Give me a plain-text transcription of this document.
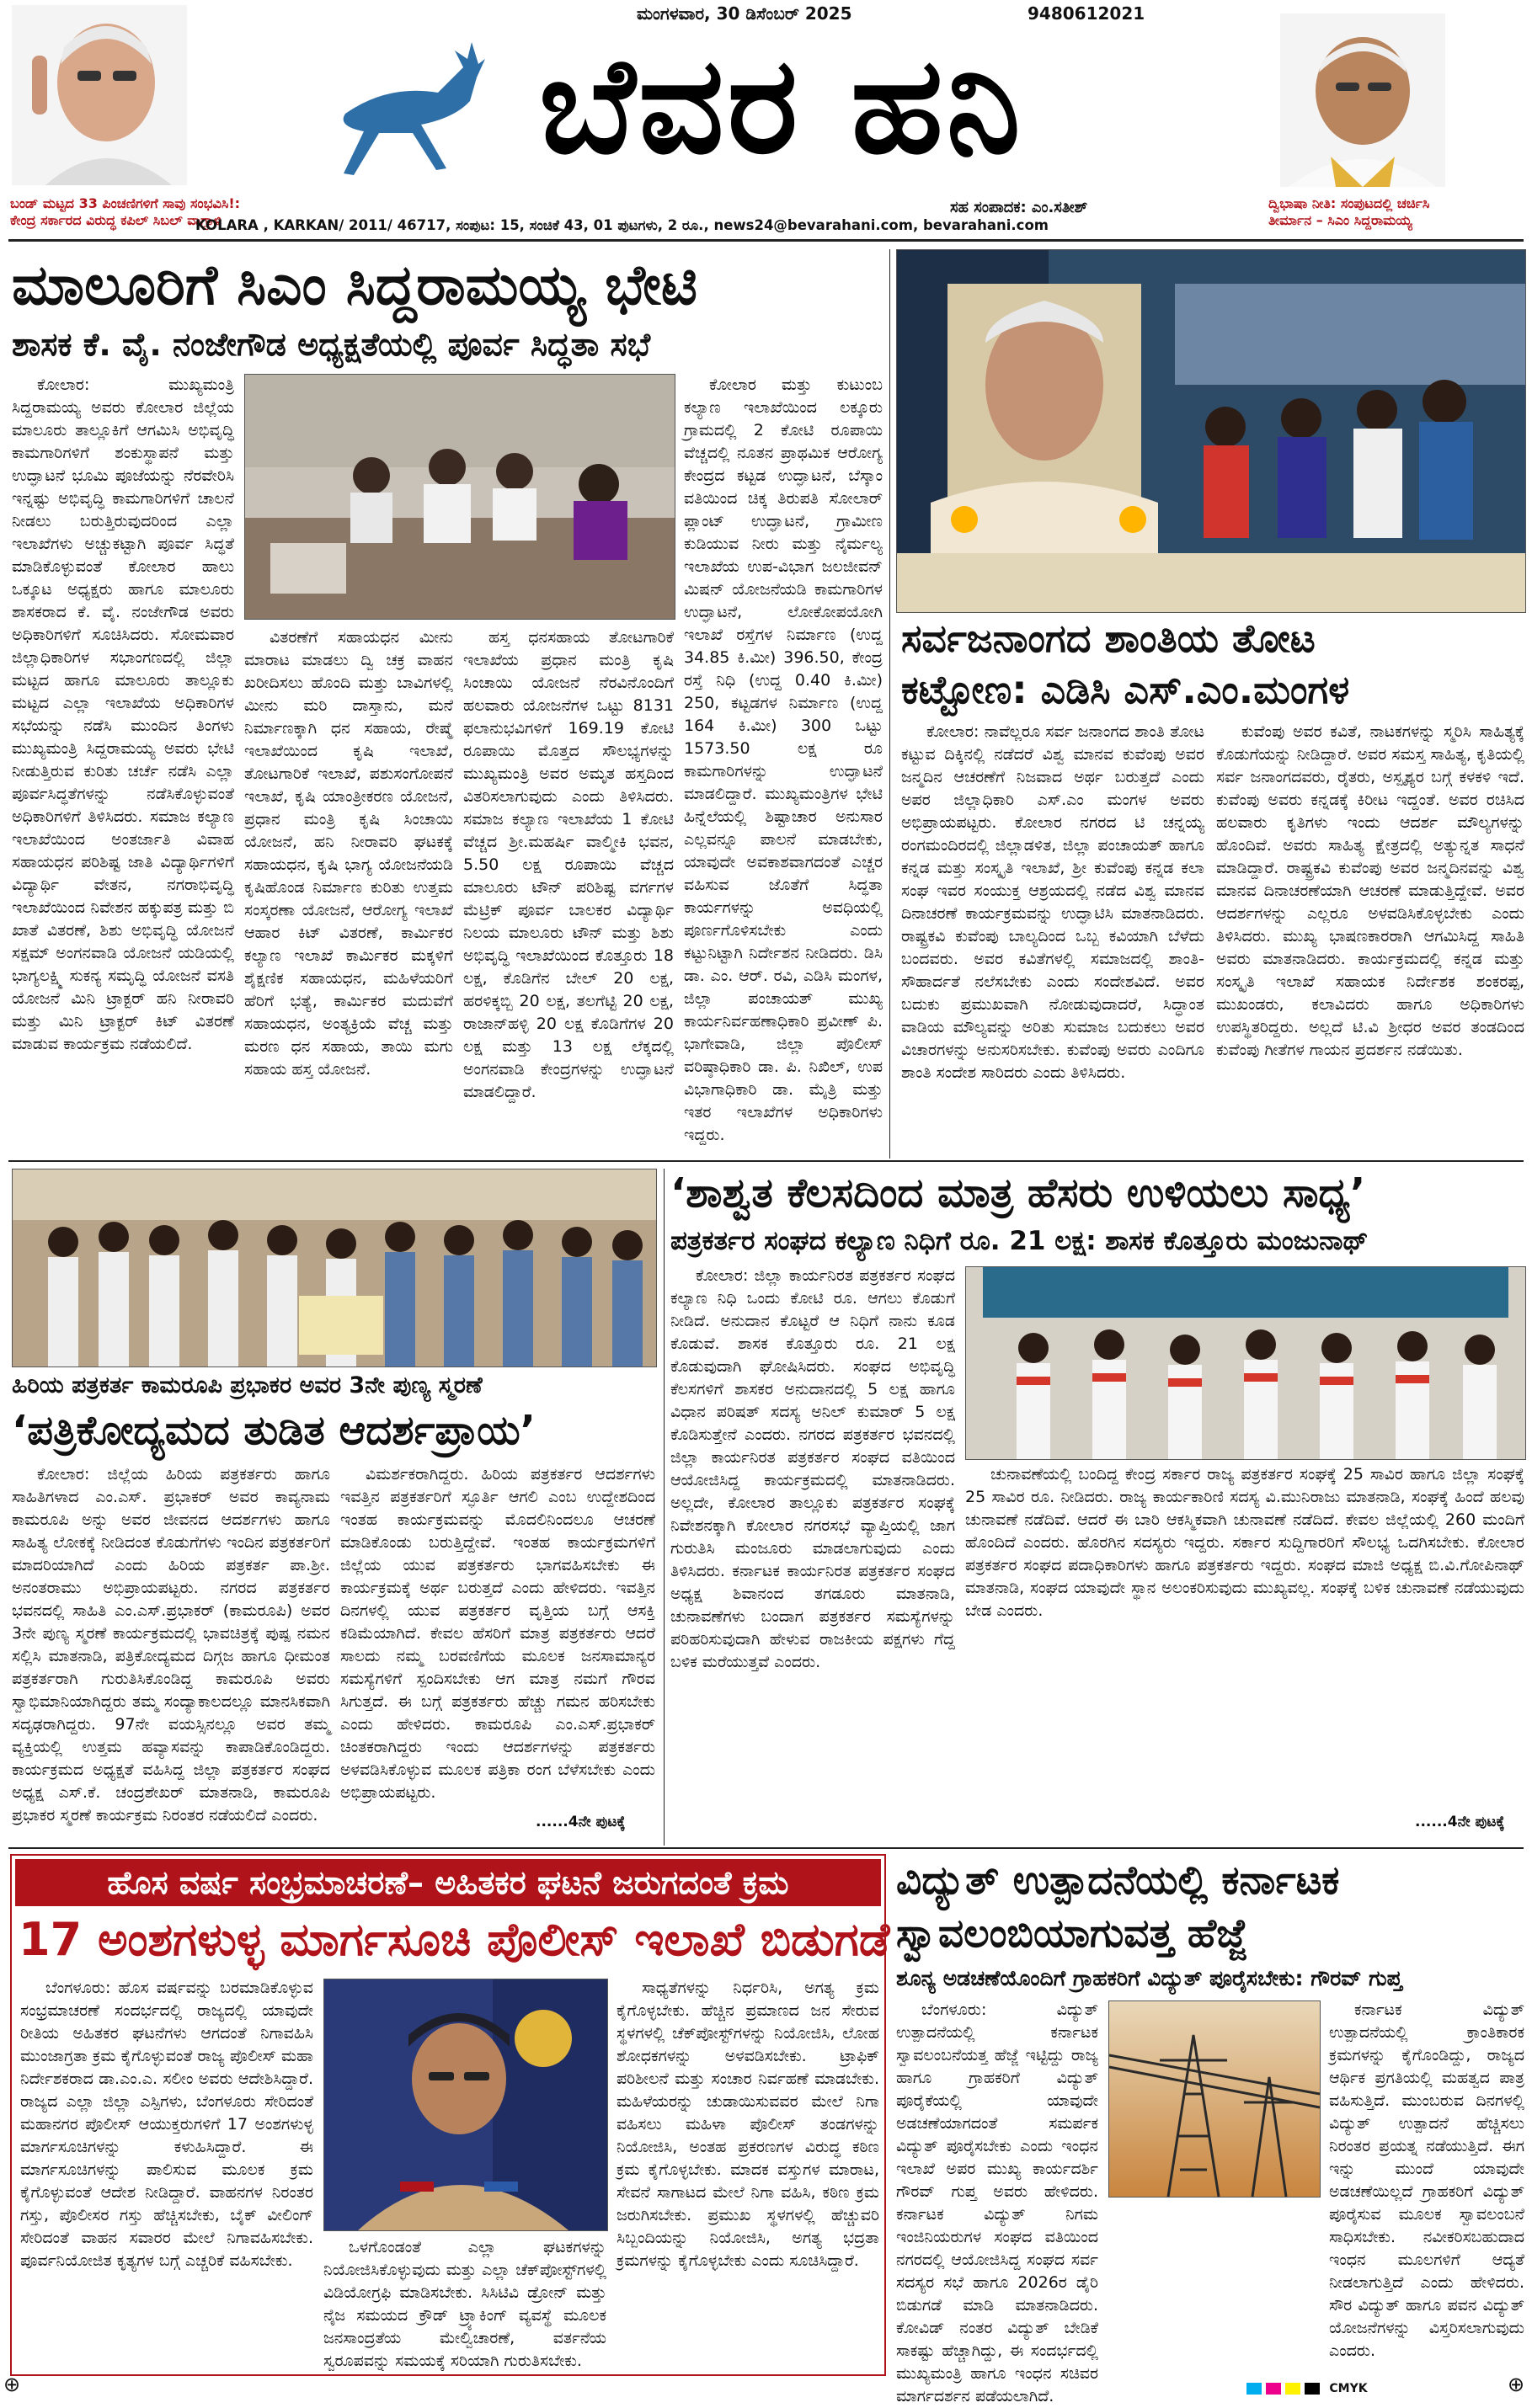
ಮಂಗಳವಾರ, 30 ಡಿಸೆಂಬರ್ 2025	9480612021
ಬೆವರ ಹನಿ
ಬಂಡ್ ಮಟ್ಟದ 33 ಪಿಂಚಣಿಗಳಿಗೆ ಸಾವು ಸಂಭವಿಸಿ!:
ಕೇಂದ್ರ ಸರ್ಕಾರದ ವಿರುದ್ಧ ಕಪಿಲ್ ಸಿಬಲ್ ವಾಗ್ದಾಳಿ
ಸಹ ಸಂಪಾದಕ: ಎಂ.ಸತೀಶ್
KOLARA , KARKAN/ 2011/ 46717, ಸಂಪುಟ: 15, ಸಂಚಿಕೆ 43, 01 ಪುಟಗಳು, 2 ರೂ., news24@bevarahani.com, bevarahani.com
ದ್ವಿಭಾಷಾ ನೀತಿ: ಸಂಪುಟದಲ್ಲಿ ಚರ್ಚಿಸಿ
ತೀರ್ಮಾನ – ಸಿಎಂ ಸಿದ್ದರಾಮಯ್ಯ
ಮಾಲೂರಿಗೆ ಸಿಎಂ ಸಿದ್ದರಾಮಯ್ಯ ಭೇಟಿ
ಶಾಸಕ ಕೆ. ವೈ. ನಂಜೇಗೌಡ ಅಧ್ಯಕ್ಷತೆಯಲ್ಲಿ ಪೂರ್ವ ಸಿದ್ಧತಾ ಸಭೆ

ಕೋಲಾರ: ಮುಖ್ಯಮಂತ್ರಿ ಸಿದ್ದರಾಮಯ್ಯ ಅವರು ಕೋಲಾರ ಜಿಲ್ಲೆಯ ಮಾಲೂರು ತಾಲ್ಲೂಕಿಗೆ ಆಗಮಿಸಿ ಅಭಿವೃದ್ಧಿ ಕಾಮಗಾರಿಗಳಿಗೆ ಶಂಕುಸ್ಥಾಪನೆ ಮತ್ತು ಉದ್ಘಾಟನೆ ಭೂಮಿ ಪೂಜೆಯನ್ನು ನೆರವೇರಿಸಿ ಇನ್ನಷ್ಟು ಅಭಿವೃದ್ಧಿ ಕಾಮಗಾರಿಗಳಿಗೆ ಚಾಲನೆ ನೀಡಲು ಬರುತ್ತಿರುವುದರಿಂದ ಎಲ್ಲಾ ಇಲಾಖೆಗಳು ಅಚ್ಚುಕಟ್ಟಾಗಿ ಪೂರ್ವ ಸಿದ್ಧತೆ ಮಾಡಿಕೊಳ್ಳುವಂತೆ ಕೋಲಾರ ಹಾಲು ಒಕ್ಕೂಟ ಅಧ್ಯಕ್ಷರು ಹಾಗೂ ಮಾಲೂರು ಶಾಸಕರಾದ ಕೆ. ವೈ. ನಂಜೇಗೌಡ ಅವರು ಅಧಿಕಾರಿಗಳಿಗೆ ಸೂಚಿಸಿದರು. ಸೋಮವಾರ ಜಿಲ್ಲಾಧಿಕಾರಿಗಳ ಸಭಾಂಗಣದಲ್ಲಿ ಜಿಲ್ಲಾ ಮಟ್ಟದ ಹಾಗೂ ಮಾಲೂರು ತಾಲ್ಲೂಕು ಮಟ್ಟದ ಎಲ್ಲಾ ಇಲಾಖೆಯ ಅಧಿಕಾರಿಗಳ ಸಭೆಯನ್ನು ನಡೆಸಿ ಮುಂದಿನ ತಿಂಗಳು ಮುಖ್ಯಮಂತ್ರಿ ಸಿದ್ದರಾಮಯ್ಯ ಅವರು ಭೇಟಿ ನೀಡುತ್ತಿರುವ ಕುರಿತು ಚರ್ಚೆ ನಡೆಸಿ ಎಲ್ಲಾ ಪೂರ್ವಸಿದ್ಧತೆಗಳನ್ನು ನಡೆಸಿಕೊಳ್ಳುವಂತೆ ಅಧಿಕಾರಿಗಳಿಗೆ ತಿಳಿಸಿದರು. ಸಮಾಜ ಕಲ್ಯಾಣ ಇಲಾಖೆಯಿಂದ ಅಂತರ್ಜಾತಿ ವಿವಾಹ ಸಹಾಯಧನ ಪರಿಶಿಷ್ಟ ಜಾತಿ ವಿದ್ಯಾರ್ಥಿಗಳಿಗೆ ವಿದ್ಯಾರ್ಥಿ ವೇತನ, ನಗರಾಭಿವೃದ್ಧಿ ಇಲಾಖೆಯಿಂದ ನಿವೇಶನ ಹಕ್ಕುಪತ್ರ ಮತ್ತು ಬಿ ಖಾತೆ ವಿತರಣೆ, ಶಿಶು ಅಭಿವೃದ್ಧಿ ಯೋಜನೆ ಸಕ್ಷಮ್ ಅಂಗನವಾಡಿ ಯೋಜನೆ ಯಡಿಯಲ್ಲಿ ಭಾಗ್ಯಲಕ್ಷ್ಮಿ ಸುಕನ್ಯ ಸಮೃದ್ಧಿ ಯೋಜನೆ ವಸತಿ ಯೋಜನೆ ಮಿನಿ ಟ್ರಾಕ್ಟರ್ ಹನಿ ನೀರಾವರಿ ಮತ್ತು ಮಿನಿ ಟ್ರಾಕ್ಟರ್ ಕಿಟ್ ವಿತರಣೆ ಮಾಡುವ ಕಾರ್ಯಕ್ರಮ ನಡೆಯಲಿದೆ.

ವಿತರಣೆಗೆ ಸಹಾಯಧನ ಮೀನು ಮಾರಾಟ ಮಾಡಲು ದ್ವಿ ಚಕ್ರ ವಾಹನ ಖರೀದಿಸಲು ಹೊಂದಿ ಮತ್ತು ಬಾವಿಗಳಲ್ಲಿ ಮೀನು ಮರಿ ದಾಸ್ತಾನು, ಮನೆ ನಿರ್ಮಾಣಕ್ಕಾಗಿ ಧನ ಸಹಾಯ, ರೇಷ್ಮೆ ಇಲಾಖೆಯಿಂದ ಕೃಷಿ ಇಲಾಖೆ, ತೋಟಗಾರಿಕೆ ಇಲಾಖೆ, ಪಶುಸಂಗೋಪನೆ ಇಲಾಖೆ, ಕೃಷಿ ಯಾಂತ್ರೀಕರಣ ಯೋಜನೆ, ಪ್ರಧಾನ ಮಂತ್ರಿ ಕೃಷಿ ಸಿಂಚಾಯಿ ಯೋಜನೆ, ಹನಿ ನೀರಾವರಿ ಘಟಕಕ್ಕೆ ಸಹಾಯಧನ, ಕೃಷಿ ಭಾಗ್ಯ ಯೋಜನೆಯಡಿ ಕೃಷಿಹೊಂಡ ನಿರ್ಮಾಣ ಕುರಿತು ಉತ್ತಮ ಸಂಸ್ಕರಣಾ ಯೋಜನೆ, ಆರೋಗ್ಯ ಇಲಾಖೆ ಆಹಾರ ಕಿಟ್ ವಿತರಣೆ, ಕಾರ್ಮಿಕರ ಕಲ್ಯಾಣ ಇಲಾಖೆ ಕಾರ್ಮಿಕರ ಮಕ್ಕಳಿಗೆ ಶೈಕ್ಷಣಿಕ ಸಹಾಯಧನ, ಮಹಿಳೆಯರಿಗೆ ಹೆರಿಗೆ ಭತ್ಯೆ, ಕಾರ್ಮಿಕರ ಮದುವೆಗೆ ಸಹಾಯಧನ, ಅಂತ್ಯಕ್ರಿಯೆ ವೆಚ್ಚ ಮತ್ತು ಮರಣ ಧನ ಸಹಾಯ, ತಾಯಿ ಮಗು ಸಹಾಯ ಹಸ್ತ ಯೋಜನೆ.

ಹಸ್ತ ಧನಸಹಾಯ ತೋಟಗಾರಿಕೆ ಇಲಾಖೆಯ ಪ್ರಧಾನ ಮಂತ್ರಿ ಕೃಷಿ ಸಿಂಚಾಯಿ ಯೋಜನೆ ನೆರವಿನೊಂದಿಗೆ ಹಲವಾರು ಯೋಜನೆಗಳ ಒಟ್ಟು 8131 ಫಲಾನುಭವಿಗಳಿಗೆ 169.19 ಕೋಟಿ ರೂಪಾಯಿ ಮೊತ್ತದ ಸೌಲಭ್ಯಗಳನ್ನು ಮುಖ್ಯಮಂತ್ರಿ ಅವರ ಅಮೃತ ಹಸ್ತದಿಂದ ವಿತರಿಸಲಾಗುವುದು ಎಂದು ತಿಳಿಸಿದರು. ಸಮಾಜ ಕಲ್ಯಾಣ ಇಲಾಖೆಯ 1 ಕೋಟಿ ವೆಚ್ಚದ ಶ್ರೀ.ಮಹರ್ಷಿ ವಾಲ್ಮೀಕಿ ಭವನ, 5.50 ಲಕ್ಷ ರೂಪಾಯಿ ವೆಚ್ಚದ ಮಾಲೂರು ಟೌನ್ ಪರಿಶಿಷ್ಟ ವರ್ಗಗಳ ಮೆಟ್ರಿಕ್ ಪೂರ್ವ ಬಾಲಕರ ವಿದ್ಯಾರ್ಥಿ ನಿಲಯ ಮಾಲೂರು ಟೌನ್ ಮತ್ತು ಶಿಶು ಅಭಿವೃದ್ಧಿ ಇಲಾಖೆಯಿಂದ ಕೊತ್ತೂರು 18 ಲಕ್ಷ, ಕೊಡಿಗೆನ ಬೇಲ್ 20 ಲಕ್ಷ, ಹರಳಿಕ್ಕಬ್ಬಿ 20 ಲಕ್ಷ, ತಲಗೆಟ್ಟಿ 20 ಲಕ್ಷ, ರಾಜಾನ್‌ಹಳ್ಳಿ 20 ಲಕ್ಷ ಕೊಡಿಗೆಗಳ 20 ಲಕ್ಷ ಮತ್ತು 13 ಲಕ್ಷ ಲೆಕ್ಕದಲ್ಲಿ ಅಂಗನವಾಡಿ ಕೇಂದ್ರಗಳನ್ನು ಉದ್ಘಾಟನೆ ಮಾಡಲಿದ್ದಾರೆ.

ಕೋಲಾರ ಮತ್ತು ಕುಟುಂಬ ಕಲ್ಯಾಣ ಇಲಾಖೆಯಿಂದ ಲಕ್ಕೂರು ಗ್ರಾಮದಲ್ಲಿ 2 ಕೋಟಿ ರೂಪಾಯಿ ವೆಚ್ಚದಲ್ಲಿ ನೂತನ ಪ್ರಾಥಮಿಕ ಆರೋಗ್ಯ ಕೇಂದ್ರದ ಕಟ್ಟಡ ಉದ್ಘಾಟನೆ, ಬೆಸ್ಕಾಂ ವತಿಯಿಂದ ಚಿಕ್ಕ ತಿರುಪತಿ ಸೋಲಾರ್ ಪ್ಲಾಂಟ್ ಉದ್ಘಾಟನೆ, ಗ್ರಾಮೀಣ ಕುಡಿಯುವ ನೀರು ಮತ್ತು ನೈರ್ಮಲ್ಯ ಇಲಾಖೆಯ ಉಪ-ವಿಭಾಗ ಜಲಜೀವನ್ ಮಿಷನ್ ಯೋಜನೆಯಡಿ ಕಾಮಗಾರಿಗಳ ಉದ್ಘಾಟನೆ, ಲೋಕೋಪಯೋಗಿ ಇಲಾಖೆ ರಸ್ತೆಗಳ ನಿರ್ಮಾಣ (ಉದ್ದ 34.85 ಕಿ.ಮೀ) 396.50, ಕೇಂದ್ರ ರಸ್ತೆ ನಿಧಿ (ಉದ್ದ 0.40 ಕಿ.ಮೀ) 250, ಕಟ್ಟಡಗಳ ನಿರ್ಮಾಣ (ಉದ್ದ 164 ಕಿ.ಮೀ) 300 ಒಟ್ಟು 1573.50 ಲಕ್ಷ ರೂ ಕಾಮಗಾರಿಗಳನ್ನು ಉದ್ಘಾಟನೆ ಮಾಡಲಿದ್ದಾರೆ. ಮುಖ್ಯಮಂತ್ರಿಗಳ ಭೇಟಿ ಹಿನ್ನೆಲೆಯಲ್ಲಿ ಶಿಷ್ಟಾಚಾರ ಅನುಸಾರ ಎಲ್ಲವನ್ನೂ ಪಾಲನೆ ಮಾಡಬೇಕು, ಯಾವುದೇ ಅವಕಾಶವಾಗದಂತೆ ಎಚ್ಚರ ವಹಿಸುವ ಜೊತೆಗೆ ಸಿದ್ಧತಾ ಕಾರ್ಯಗಳನ್ನು ಅವಧಿಯಲ್ಲಿ ಪೂರ್ಣಗೊಳಿಸಬೇಕು ಎಂದು ಕಟ್ಟುನಿಟ್ಟಾಗಿ ನಿರ್ದೇಶನ ನೀಡಿದರು. ಡಿಸಿ ಡಾ. ಎಂ. ಆರ್. ರವಿ, ಎಡಿಸಿ ಮಂಗಳ, ಜಿಲ್ಲಾ ಪಂಚಾಯತ್ ಮುಖ್ಯ ಕಾರ್ಯನಿರ್ವಹಣಾಧಿಕಾರಿ ಪ್ರವೀಣ್ ಪಿ. ಭಾಗೇವಾಡಿ, ಜಿಲ್ಲಾ ಪೊಲೀಸ್ ವರಿಷ್ಠಾಧಿಕಾರಿ ಡಾ. ಪಿ. ನಿಖಿಲ್, ಉಪ ವಿಭಾಗಾಧಿಕಾರಿ ಡಾ. ಮೈತ್ರಿ ಮತ್ತು ಇತರ ಇಲಾಖೆಗಳ ಅಧಿಕಾರಿಗಳು ಇದ್ದರು.

ಸರ್ವಜನಾಂಗದ ಶಾಂತಿಯ ತೋಟ
ಕಟ್ಟೋಣ: ಎಡಿಸಿ ಎಸ್.ಎಂ.ಮಂಗಳ

ಕೋಲಾರ: ನಾವೆಲ್ಲರೂ ಸರ್ವ ಜನಾಂಗದ ಶಾಂತಿ ತೋಟ ಕಟ್ಟುವ ದಿಕ್ಕಿನಲ್ಲಿ ನಡೆದರೆ ವಿಶ್ವ ಮಾನವ ಕುವೆಂಪು ಅವರ ಜನ್ಮದಿನ ಆಚರಣೆಗೆ ನಿಜವಾದ ಅರ್ಥ ಬರುತ್ತದೆ ಎಂದು ಅಪರ ಜಿಲ್ಲಾಧಿಕಾರಿ ಎಸ್.ಎಂ ಮಂಗಳ ಅವರು ಅಭಿಪ್ರಾಯಪಟ್ಟರು. ಕೋಲಾರ ನಗರದ ಟಿ ಚನ್ನಯ್ಯ ರಂಗಮಂದಿರದಲ್ಲಿ ಜಿಲ್ಲಾಡಳಿತ, ಜಿಲ್ಲಾ ಪಂಚಾಯತ್ ಹಾಗೂ ಕನ್ನಡ ಮತ್ತು ಸಂಸ್ಕೃತಿ ಇಲಾಖೆ, ಶ್ರೀ ಕುವೆಂಪು ಕನ್ನಡ ಕಲಾ ಸಂಘ ಇವರ ಸಂಯುಕ್ತ ಆಶ್ರಯದಲ್ಲಿ ನಡೆದ ವಿಶ್ವ ಮಾನವ ದಿನಾಚರಣೆ ಕಾರ್ಯಕ್ರಮವನ್ನು ಉದ್ಘಾಟಿಸಿ ಮಾತನಾಡಿದರು. ರಾಷ್ಟ್ರಕವಿ ಕುವೆಂಪು ಬಾಲ್ಯದಿಂದ ಒಬ್ಬ ಕವಿಯಾಗಿ ಬೆಳೆದು ಬಂದವರು. ಅವರ ಕವಿತೆಗಳಲ್ಲಿ ಸಮಾಜದಲ್ಲಿ ಶಾಂತಿ-ಸೌಹಾರ್ದತೆ ನಲೆಸಬೇಕು ಎಂದು ಸಂದೇಶವಿದೆ. ಅವರ ಬದುಕು ಪ್ರಮುಖವಾಗಿ ನೋಡುವುದಾದರೆ, ಸಿದ್ಧಾಂತ ವಾಡಿಯ ಮೌಲ್ಯವನ್ನು ಅರಿತು ಸುಮಾಜ ಬದುಕಲು ಅವರ ವಿಚಾರಗಳನ್ನು ಅನುಸರಿಸಬೇಕು. ಕುವೆಂಪು ಅವರು ಎಂದಿಗೂ ಶಾಂತಿ ಸಂದೇಶ ಸಾರಿದರು ಎಂದು ತಿಳಿಸಿದರು.

ಕುವೆಂಪು ಅವರ ಕವಿತೆ, ನಾಟಕಗಳನ್ನು ಸ್ಮರಿಸಿ ಸಾಹಿತ್ಯಕ್ಕೆ ಕೊಡುಗೆಯನ್ನು ನೀಡಿದ್ದಾರೆ. ಅವರ ಸಮಸ್ತ ಸಾಹಿತ್ಯ, ಕೃತಿಯಲ್ಲಿ ಸರ್ವ ಜನಾಂಗದವರು, ರೈತರು, ಅಸ್ಪೃಶ್ಯರ ಬಗ್ಗೆ ಕಳಕಳಿ ಇದೆ. ಕುವೆಂಪು ಅವರು ಕನ್ನಡಕ್ಕೆ ಕಿರೀಟ ಇದ್ದಂತೆ. ಅವರ ರಚಿಸಿದ ಹಲವಾರು ಕೃತಿಗಳು ಇಂದು ಆದರ್ಶ ಮೌಲ್ಯಗಳನ್ನು ಹೊಂದಿವೆ. ಅವರು ಸಾಹಿತ್ಯ ಕ್ಷೇತ್ರದಲ್ಲಿ ಅತ್ಯುನ್ನತ ಸಾಧನೆ ಮಾಡಿದ್ದಾರೆ. ರಾಷ್ಟ್ರಕವಿ ಕುವೆಂಪು ಅವರ ಜನ್ಮದಿನವನ್ನು ವಿಶ್ವ ಮಾನವ ದಿನಾಚರಣೆಯಾಗಿ ಆಚರಣೆ ಮಾಡುತ್ತಿದ್ದೇವೆ. ಅವರ ಆದರ್ಶಗಳನ್ನು ಎಲ್ಲರೂ ಅಳವಡಿಸಿಕೊಳ್ಳಬೇಕು ಎಂದು ತಿಳಿಸಿದರು. ಮುಖ್ಯ ಭಾಷಣಕಾರರಾಗಿ ಆಗಮಿಸಿದ್ದ ಸಾಹಿತಿ ಅವರು ಮಾತನಾಡಿದರು. ಕಾರ್ಯಕ್ರಮದಲ್ಲಿ ಕನ್ನಡ ಮತ್ತು ಸಂಸ್ಕೃತಿ ಇಲಾಖೆ ಸಹಾಯಕ ನಿರ್ದೇಶಕ ಶಂಕರಪ್ಪ, ಮುಖಂಡರು, ಕಲಾವಿದರು ಹಾಗೂ ಅಧಿಕಾರಿಗಳು ಉಪಸ್ಥಿತರಿದ್ದರು. ಅಲ್ಲದೆ ಟಿ.ವಿ ಶ್ರೀಧರ ಅವರ ತಂಡದಿಂದ ಕುವೆಂಪು ಗೀತೆಗಳ ಗಾಯನ ಪ್ರದರ್ಶನ ನಡೆಯಿತು.

ಹಿರಿಯ ಪತ್ರಕರ್ತ ಕಾಮರೂಪಿ ಪ್ರಭಾಕರ ಅವರ 3ನೇ ಪುಣ್ಯ ಸ್ಮರಣೆ
‘ಪತ್ರಿಕೋದ್ಯಮದ ತುಡಿತ ಆದರ್ಶಪ್ರಾಯ’

ಕೋಲಾರ: ಜಿಲ್ಲೆಯ ಹಿರಿಯ ಪತ್ರಕರ್ತರು ಹಾಗೂ ಸಾಹಿತಿಗಳಾದ ಎಂ.ಎಸ್. ಪ್ರಭಾಕರ್ ಅವರ ಕಾವ್ಯನಾಮ ಕಾಮರೂಪಿ ಅನ್ನು ಅವರ ಜೀವನದ ಆದರ್ಶಗಳು ಹಾಗೂ ಸಾಹಿತ್ಯ ಲೋಕಕ್ಕೆ ನೀಡಿದಂತ ಕೊಡುಗೆಗಳು ಇಂದಿನ ಪತ್ರಕರ್ತರಿಗೆ ಮಾದರಿಯಾಗಿದೆ ಎಂದು ಹಿರಿಯ ಪತ್ರಕರ್ತ ಪಾ.ಶ್ರೀ. ಅನಂತರಾಮು ಅಭಿಪ್ರಾಯಪಟ್ಟರು. ನಗರದ ಪತ್ರಕರ್ತರ ಭವನದಲ್ಲಿ ಸಾಹಿತಿ ಎಂ.ಎಸ್.ಪ್ರಭಾಕರ್ (ಕಾಮರೂಪಿ) ಅವರ 3ನೇ ಪುಣ್ಯ ಸ್ಮರಣೆ ಕಾರ್ಯಕ್ರಮದಲ್ಲಿ ಭಾವಚಿತ್ರಕ್ಕೆ ಪುಷ್ಪ ನಮನ ಸಲ್ಲಿಸಿ ಮಾತನಾಡಿ, ಪತ್ರಿಕೋದ್ಯಮದ ದಿಗ್ಗಜ ಹಾಗೂ ಧೀಮಂತ ಪತ್ರಕರ್ತರಾಗಿ ಗುರುತಿಸಿಕೊಂಡಿದ್ದ ಕಾಮರೂಪಿ ಅವರು ಸ್ವಾಭಿಮಾನಿಯಾಗಿದ್ದರು ತಮ್ಮ ಸಂದ್ಯಾಕಾಲದಲ್ಲೂ ಮಾನಸಿಕವಾಗಿ ಸದೃಢರಾಗಿದ್ದರು. 97ನೇ ವಯಸ್ಸಿನಲ್ಲೂ ಅವರ ತಮ್ಮ ವ್ಯಕ್ತಿಯಲ್ಲಿ ಉತ್ತಮ ಹವ್ಯಾಸವನ್ನು ಕಾಪಾಡಿಕೊಂಡಿದ್ದರು. ಕಾರ್ಯಕ್ರಮದ ಅಧ್ಯಕ್ಷತೆ ವಹಿಸಿದ್ದ ಜಿಲ್ಲಾ ಪತ್ರಕರ್ತರ ಸಂಘದ ಅಧ್ಯಕ್ಷ ಎಸ್.ಕೆ. ಚಂದ್ರಶೇಖರ್ ಮಾತನಾಡಿ, ಕಾಮರೂಪಿ ಪ್ರಭಾಕರ ಸ್ಮರಣೆ ಕಾರ್ಯಕ್ರಮ ನಿರಂತರ ನಡೆಯಲಿದೆ ಎಂದರು.

ವಿಮರ್ಶಕರಾಗಿದ್ದರು. ಹಿರಿಯ ಪತ್ರಕರ್ತರ ಆದರ್ಶಗಳು ಇವತ್ತಿನ ಪತ್ರಕರ್ತರಿಗೆ ಸ್ಫೂರ್ತಿ ಆಗಲಿ ಎಂಬ ಉದ್ದೇಶದಿಂದ ಇಂತಹ ಕಾರ್ಯಕ್ರಮವನ್ನು ಮೊದಲಿನಿಂದಲೂ ಆಚರಣೆ ಮಾಡಿಕೊಂಡು ಬರುತ್ತಿದ್ದೇವೆ. ಇಂತಹ ಕಾರ್ಯಕ್ರಮಗಳಿಗೆ ಜಿಲ್ಲೆಯ ಯುವ ಪತ್ರಕರ್ತರು ಭಾಗವಹಿಸಬೇಕು ಈ ಕಾರ್ಯಕ್ರಮಕ್ಕೆ ಅರ್ಥ ಬರುತ್ತದೆ ಎಂದು ಹೇಳಿದರು. ಇವತ್ತಿನ ದಿನಗಳಲ್ಲಿ ಯುವ ಪತ್ರಕರ್ತರ ವೃತ್ತಿಯ ಬಗ್ಗೆ ಆಸಕ್ತಿ ಕಡಿಮೆಯಾಗಿದೆ. ಕೇವಲ ಹೆಸರಿಗೆ ಮಾತ್ರ ಪತ್ರಕರ್ತರು ಆದರೆ ಸಾಲದು ನಮ್ಮ ಬರವಣಿಗೆಯ ಮೂಲಕ ಜನಸಾಮಾನ್ಯರ ಸಮಸ್ಯೆಗಳಿಗೆ ಸ್ಪಂದಿಸಬೇಕು ಆಗ ಮಾತ್ರ ನಮಗೆ ಗೌರವ ಸಿಗುತ್ತದೆ. ಈ ಬಗ್ಗೆ ಪತ್ರಕರ್ತರು ಹೆಚ್ಚು ಗಮನ ಹರಿಸಬೇಕು ಎಂದು ಹೇಳಿದರು. ಕಾಮರೂಪಿ ಎಂ.ಎಸ್.ಪ್ರಭಾಕರ್ ಚಿಂತಕರಾಗಿದ್ದರು ಇಂದು ಆದರ್ಶಗಳನ್ನು ಪತ್ರಕರ್ತರು ಅಳವಡಿಸಿಕೊಳ್ಳುವ ಮೂಲಕ ಪತ್ರಿಕಾ ರಂಗ ಬೆಳೆಸಬೇಕು ಎಂದು ಅಭಿಪ್ರಾಯಪಟ್ಟರು.

......4ನೇ ಪುಟಕ್ಕೆ
‘ಶಾಶ್ವತ ಕೆಲಸದಿಂದ ಮಾತ್ರ ಹೆಸರು ಉಳಿಯಲು ಸಾಧ್ಯ’
ಪತ್ರಕರ್ತರ ಸಂಘದ ಕಲ್ಯಾಣ ನಿಧಿಗೆ ರೂ. 21 ಲಕ್ಷ: ಶಾಸಕ ಕೊತ್ತೂರು ಮಂಜುನಾಥ್

ಕೋಲಾರ: ಜಿಲ್ಲಾ ಕಾರ್ಯನಿರತ ಪತ್ರಕರ್ತರ ಸಂಘದ ಕಲ್ಯಾಣ ನಿಧಿ ಒಂದು ಕೋಟಿ ರೂ. ಆಗಲು ಕೊಡುಗೆ ನೀಡಿದೆ. ಅನುದಾನ ಕೊಟ್ಟರೆ ಆ ನಿಧಿಗೆ ನಾನು ಕೂಡ ಕೊಡುವೆ. ಶಾಸಕ ಕೊತ್ತೂರು ರೂ. 21 ಲಕ್ಷ ಕೊಡುವುದಾಗಿ ಘೋಷಿಸಿದರು. ಸಂಘದ ಅಭಿವೃದ್ಧಿ ಕೆಲಸಗಳಿಗೆ ಶಾಸಕರ ಅನುದಾನದಲ್ಲಿ 5 ಲಕ್ಷ ಹಾಗೂ ವಿಧಾನ ಪರಿಷತ್ ಸದಸ್ಯ ಅನಿಲ್ ಕುಮಾರ್ 5 ಲಕ್ಷ ಕೊಡಿಸುತ್ತೇನೆ ಎಂದರು. ನಗರದ ಪತ್ರಕರ್ತರ ಭವನದಲ್ಲಿ ಜಿಲ್ಲಾ ಕಾರ್ಯನಿರತ ಪತ್ರಕರ್ತರ ಸಂಘದ ವತಿಯಿಂದ ಆಯೋಜಿಸಿದ್ದ ಕಾರ್ಯಕ್ರಮದಲ್ಲಿ ಮಾತನಾಡಿದರು. ಅಲ್ಲದೇ, ಕೋಲಾರ ತಾಲ್ಲೂಕು ಪತ್ರಕರ್ತರ ಸಂಘಕ್ಕೆ ನಿವೇಶನಕ್ಕಾಗಿ ಕೋಲಾರ ನಗರಸಭೆ ವ್ಯಾಪ್ತಿಯಲ್ಲಿ ಜಾಗ ಗುರುತಿಸಿ ಮಂಜೂರು ಮಾಡಲಾಗುವುದು ಎಂದು ತಿಳಿಸಿದರು. ಕರ್ನಾಟಕ ಕಾರ್ಯನಿರತ ಪತ್ರಕರ್ತರ ಸಂಘದ ಅಧ್ಯಕ್ಷ ಶಿವಾನಂದ ತಗಡೂರು ಮಾತನಾಡಿ, ಚುನಾವಣೆಗಳು ಬಂದಾಗ ಪತ್ರಕರ್ತರ ಸಮಸ್ಯೆಗಳನ್ನು ಪರಿಹರಿಸುವುದಾಗಿ ಹೇಳುವ ರಾಜಕೀಯ ಪಕ್ಷಗಳು ಗೆದ್ದ ಬಳಿಕ ಮರೆಯುತ್ತವೆ ಎಂದರು.

ಚುನಾವಣೆಯಲ್ಲಿ ಬಂದಿದ್ದ ಕೇಂದ್ರ ಸರ್ಕಾರ ರಾಜ್ಯ ಪತ್ರಕರ್ತರ ಸಂಘಕ್ಕೆ 25 ಸಾವಿರ ಹಾಗೂ ಜಿಲ್ಲಾ ಸಂಘಕ್ಕೆ 25 ಸಾವಿರ ರೂ. ನೀಡಿದರು. ರಾಜ್ಯ ಕಾರ್ಯಕಾರಿಣಿ ಸದಸ್ಯ ವಿ.ಮುನಿರಾಜು ಮಾತನಾಡಿ, ಸಂಘಕ್ಕೆ ಹಿಂದೆ ಹಲವು ಚುನಾವಣೆ ನಡೆದಿವೆ. ಆದರೆ ಈ ಬಾರಿ ಆಕಸ್ಮಿಕವಾಗಿ ಚುನಾವಣೆ ನಡೆದಿದೆ. ಕೇವಲ ಜಿಲ್ಲೆಯಲ್ಲಿ 260 ಮಂದಿಗೆ ಹೊಂದಿದೆ ಎಂದರು. ಹೊರಗಿನ ಸದಸ್ಯರು ಇದ್ದರು. ಸರ್ಕಾರ ಸುದ್ದಿಗಾರರಿಗೆ ಸೌಲಭ್ಯ ಒದಗಿಸಬೇಕು. ಕೋಲಾರ ಪತ್ರಕರ್ತರ ಸಂಘದ ಪದಾಧಿಕಾರಿಗಳು ಹಾಗೂ ಪತ್ರಕರ್ತರು ಇದ್ದರು. ಸಂಘದ ಮಾಜಿ ಅಧ್ಯಕ್ಷ ಬಿ.ವಿ.ಗೋಪಿನಾಥ್ ಮಾತನಾಡಿ, ಸಂಘದ ಯಾವುದೇ ಸ್ಥಾನ ಅಲಂಕರಿಸುವುದು ಮುಖ್ಯವಲ್ಲ. ಸಂಘಕ್ಕೆ ಬಳಿಕ ಚುನಾವಣೆ ನಡೆಯುವುದು ಬೇಡ ಎಂದರು.

......4ನೇ ಪುಟಕ್ಕೆ
ಹೊಸ ವರ್ಷ ಸಂಭ್ರಮಾಚರಣೆ– ಅಹಿತಕರ ಘಟನೆ ಜರುಗದಂತೆ ಕ್ರಮ
17 ಅಂಶಗಳುಳ್ಳ ಮಾರ್ಗಸೂಚಿ ಪೊಲೀಸ್ ಇಲಾಖೆ ಬಿಡುಗಡೆ

ಬೆಂಗಳೂರು: ಹೊಸ ವರ್ಷವನ್ನು ಬರಮಾಡಿಕೊಳ್ಳುವ ಸಂಭ್ರಮಾಚರಣೆ ಸಂದರ್ಭದಲ್ಲಿ ರಾಜ್ಯದಲ್ಲಿ ಯಾವುದೇ ರೀತಿಯ ಅಹಿತಕರ ಘಟನೆಗಳು ಆಗದಂತೆ ನಿಗಾವಹಿಸಿ ಮುಂಜಾಗ್ರತಾ ಕ್ರಮ ಕೈಗೊಳ್ಳುವಂತೆ ರಾಜ್ಯ ಪೊಲೀಸ್ ಮಹಾ ನಿರ್ದೇಶಕರಾದ ಡಾ.ಎಂ.ಎ. ಸಲೀಂ ಅವರು ಆದೇಶಿಸಿದ್ದಾರೆ. ರಾಜ್ಯದ ಎಲ್ಲಾ ಜಿಲ್ಲಾ ಎಸ್ಪಿಗಳು, ಬೆಂಗಳೂರು ಸೇರಿದಂತೆ ಮಹಾನಗರ ಪೊಲೀಸ್ ಆಯುಕ್ತರುಗಳಿಗೆ 17 ಅಂಶಗಳುಳ್ಳ ಮಾರ್ಗಸೂಚಿಗಳನ್ನು ಕಳುಹಿಸಿದ್ದಾರೆ. ಈ ಮಾರ್ಗಸೂಚಿಗಳನ್ನು ಪಾಲಿಸುವ ಮೂಲಕ ಕ್ರಮ ಕೈಗೊಳ್ಳುವಂತೆ ಆದೇಶ ನೀಡಿದ್ದಾರೆ. ವಾಹನಗಳ ನಿರಂತರ ಗಸ್ತು, ಪೊಲೀಸರ ಗಸ್ತು ಹೆಚ್ಚಿಸಬೇಕು, ಬೈಕ್ ವೀಲಿಂಗ್ ಸೇರಿದಂತೆ ವಾಹನ ಸವಾರರ ಮೇಲೆ ನಿಗಾವಹಿಸಬೇಕು. ಪೂರ್ವನಿಯೋಜಿತ ಕೃತ್ಯಗಳ ಬಗ್ಗೆ ಎಚ್ಚರಿಕೆ ವಹಿಸಬೇಕು.

ಒಳಗೊಂಡಂತೆ ಎಲ್ಲಾ ಘಟಕಗಳನ್ನು ನಿಯೋಜಿಸಿಕೊಳ್ಳುವುದು ಮತ್ತು ಎಲ್ಲಾ ಚೆಕ್‌ಪೋಸ್ಟ್‌ಗಳಲ್ಲಿ ವಿಡಿಯೋಗ್ರಫಿ ಮಾಡಿಸಬೇಕು. ಸಿಸಿಟಿವಿ ಡ್ರೋನ್ ಮತ್ತು ನೈಜ ಸಮಯದ ಕ್ರೌಡ್ ಟ್ರ್ಯಾಕಿಂಗ್ ವ್ಯವಸ್ಥೆ ಮೂಲಕ ಜನಸಾಂದ್ರತೆಯ ಮೇಲ್ವಿಚಾರಣೆ, ವರ್ತನೆಯ ಸ್ವರೂಪವನ್ನು ಸಮಯಕ್ಕೆ ಸರಿಯಾಗಿ ಗುರುತಿಸಬೇಕು.

ಸಾಧ್ಯತೆಗಳನ್ನು ನಿರ್ಧರಿಸಿ, ಅಗತ್ಯ ಕ್ರಮ ಕೈಗೊಳ್ಳಬೇಕು. ಹೆಚ್ಚಿನ ಪ್ರಮಾಣದ ಜನ ಸೇರುವ ಸ್ಥಳಗಳಲ್ಲಿ ಚೆಕ್‌ಪೋಸ್ಟ್‌ಗಳನ್ನು ನಿಯೋಜಿಸಿ, ಲೋಹ ಶೋಧಕಗಳನ್ನು ಅಳವಡಿಸಬೇಕು. ಟ್ರಾಫಿಕ್ ಪರಿಶೀಲನೆ ಮತ್ತು ಸಂಚಾರ ನಿರ್ವಹಣೆ ಮಾಡಬೇಕು. ಮಹಿಳೆಯರನ್ನು ಚುಡಾಯಿಸುವವರ ಮೇಲೆ ನಿಗಾ ವಹಿಸಲು ಮಹಿಳಾ ಪೊಲೀಸ್ ತಂಡಗಳನ್ನು ನಿಯೋಜಿಸಿ, ಅಂತಹ ಪ್ರಕರಣಗಳ ವಿರುದ್ಧ ಕಠಿಣ ಕ್ರಮ ಕೈಗೊಳ್ಳಬೇಕು. ಮಾದಕ ವಸ್ತುಗಳ ಮಾರಾಟ, ಸೇವನೆ ಸಾಗಾಟದ ಮೇಲೆ ನಿಗಾ ವಹಿಸಿ, ಕಠಿಣ ಕ್ರಮ ಜರುಗಿಸಬೇಕು. ಪ್ರಮುಖ ಸ್ಥಳಗಳಲ್ಲಿ ಹೆಚ್ಚುವರಿ ಸಿಬ್ಬಂದಿಯನ್ನು ನಿಯೋಜಿಸಿ, ಅಗತ್ಯ ಭದ್ರತಾ ಕ್ರಮಗಳನ್ನು ಕೈಗೊಳ್ಳಬೇಕು ಎಂದು ಸೂಚಿಸಿದ್ದಾರೆ.

ವಿದ್ಯುತ್ ಉತ್ಪಾದನೆಯಲ್ಲಿ ಕರ್ನಾಟಕ
ಸ್ವಾವಲಂಬಿಯಾಗುವತ್ತ ಹೆಜ್ಜೆ
ಶೂನ್ಯ ಅಡಚಣೆಯೊಂದಿಗೆ ಗ್ರಾಹಕರಿಗೆ ವಿದ್ಯುತ್ ಪೂರೈಸಬೇಕು: ಗೌರವ್ ಗುಪ್ತ

ಬೆಂಗಳೂರು: ವಿದ್ಯುತ್ ಉತ್ಪಾದನೆಯಲ್ಲಿ ಕರ್ನಾಟಕ ಸ್ವಾವಲಂಬನೆಯತ್ತ ಹೆಜ್ಜೆ ಇಟ್ಟಿದ್ದು ರಾಜ್ಯ ಹಾಗೂ ಗ್ರಾಹಕರಿಗೆ ವಿದ್ಯುತ್ ಪೂರೈಕೆಯಲ್ಲಿ ಯಾವುದೇ ಅಡಚಣೆಯಾಗದಂತೆ ಸಮರ್ಪಕ ವಿದ್ಯುತ್ ಪೂರೈಸಬೇಕು ಎಂದು ಇಂಧನ ಇಲಾಖೆ ಅಪರ ಮುಖ್ಯ ಕಾರ್ಯದರ್ಶಿ ಗೌರವ್ ಗುಪ್ತ ಅವರು ಹೇಳಿದರು. ಕರ್ನಾಟಕ ವಿದ್ಯುತ್ ನಿಗಮ ಇಂಜಿನಿಯರುಗಳ ಸಂಘದ ವತಿಯಿಂದ ನಗರದಲ್ಲಿ ಆಯೋಜಿಸಿದ್ದ ಸಂಘದ ಸರ್ವ ಸದಸ್ಯರ ಸಭೆ ಹಾಗೂ 2026ರ ಡೈರಿ ಬಿಡುಗಡೆ ಮಾಡಿ ಮಾತನಾಡಿದರು. ಕೋವಿಡ್ ನಂತರ ವಿದ್ಯುತ್ ಬೇಡಿಕೆ ಸಾಕಷ್ಟು ಹೆಚ್ಚಾಗಿದ್ದು, ಈ ಸಂದರ್ಭದಲ್ಲಿ ಮುಖ್ಯಮಂತ್ರಿ ಹಾಗೂ ಇಂಧನ ಸಚಿವರ ಮಾರ್ಗದರ್ಶನ ಪಡೆಯಲಾಗಿದೆ.

ಕರ್ನಾಟಕ ವಿದ್ಯುತ್ ಉತ್ಪಾದನೆಯಲ್ಲಿ ಕ್ರಾಂತಿಕಾರಕ ಕ್ರಮಗಳನ್ನು ಕೈಗೊಂಡಿದ್ದು, ರಾಜ್ಯದ ಆರ್ಥಿಕ ಪ್ರಗತಿಯಲ್ಲಿ ಮಹತ್ವದ ಪಾತ್ರ ವಹಿಸುತ್ತಿದೆ. ಮುಂಬರುವ ದಿನಗಳಲ್ಲಿ ವಿದ್ಯುತ್ ಉತ್ಪಾದನೆ ಹೆಚ್ಚಿಸಲು ನಿರಂತರ ಪ್ರಯತ್ನ ನಡೆಯುತ್ತಿದೆ. ಈಗ ಇನ್ನು ಮುಂದೆ ಯಾವುದೇ ಅಡಚಣೆಯಿಲ್ಲದೆ ಗ್ರಾಹಕರಿಗೆ ವಿದ್ಯುತ್ ಪೂರೈಸುವ ಮೂಲಕ ಸ್ವಾವಲಂಬನೆ ಸಾಧಿಸಬೇಕು. ನವೀಕರಿಸಬಹುದಾದ ಇಂಧನ ಮೂಲಗಳಿಗೆ ಆದ್ಯತೆ ನೀಡಲಾಗುತ್ತಿದೆ ಎಂದು ಹೇಳಿದರು. ಸೌರ ವಿದ್ಯುತ್ ಹಾಗೂ ಪವನ ವಿದ್ಯುತ್ ಯೋಜನೆಗಳನ್ನು ವಿಸ್ತರಿಸಲಾಗುವುದು ಎಂದರು.

CMYK
⊕	⊕
